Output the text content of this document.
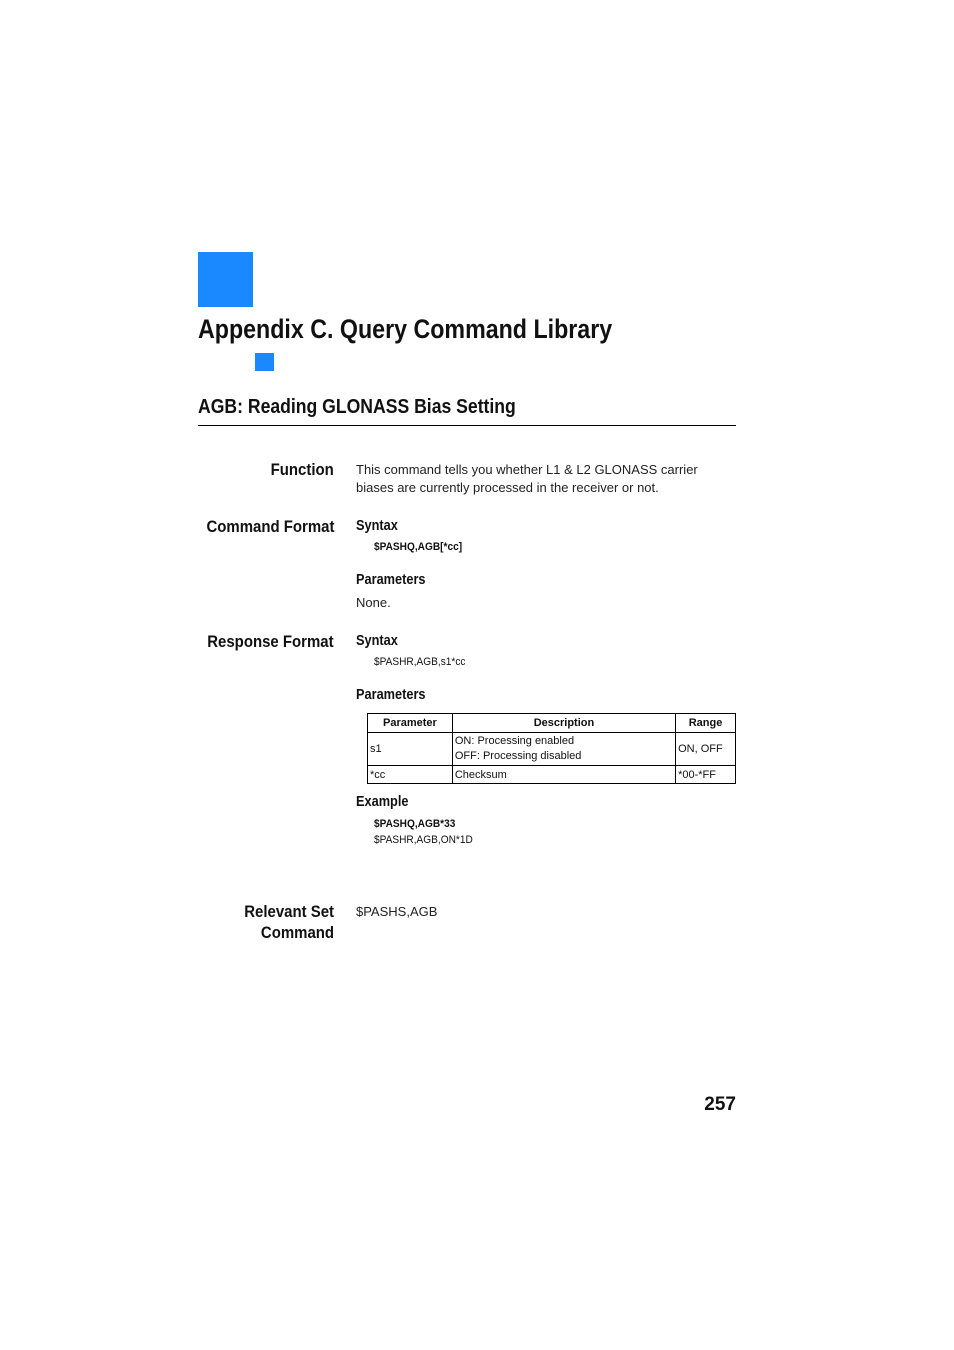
Appendix C. Query Command Library
AGB: Reading GLONASS Bias Setting
Function This command tells you whether L1 & L2 GLONASS carrier
biases are currently processed in the receiver or not.
Command Format Syntax
$PASHQ,AGB[*cc]
Parameters
None.
Response Format Syntax
$PASHR,AGB,s1*cc
Parameters
Parameter	Description	Range
s1	ON: Processing enabled
OFF: Processing disabled	ON, OFF
*cc	Checksum	*00-*FF
Example
$PASHQ,AGB*33
$PASHR,AGB,ON*1D
Relevant Set
Command
$PASHS,AGB
257
